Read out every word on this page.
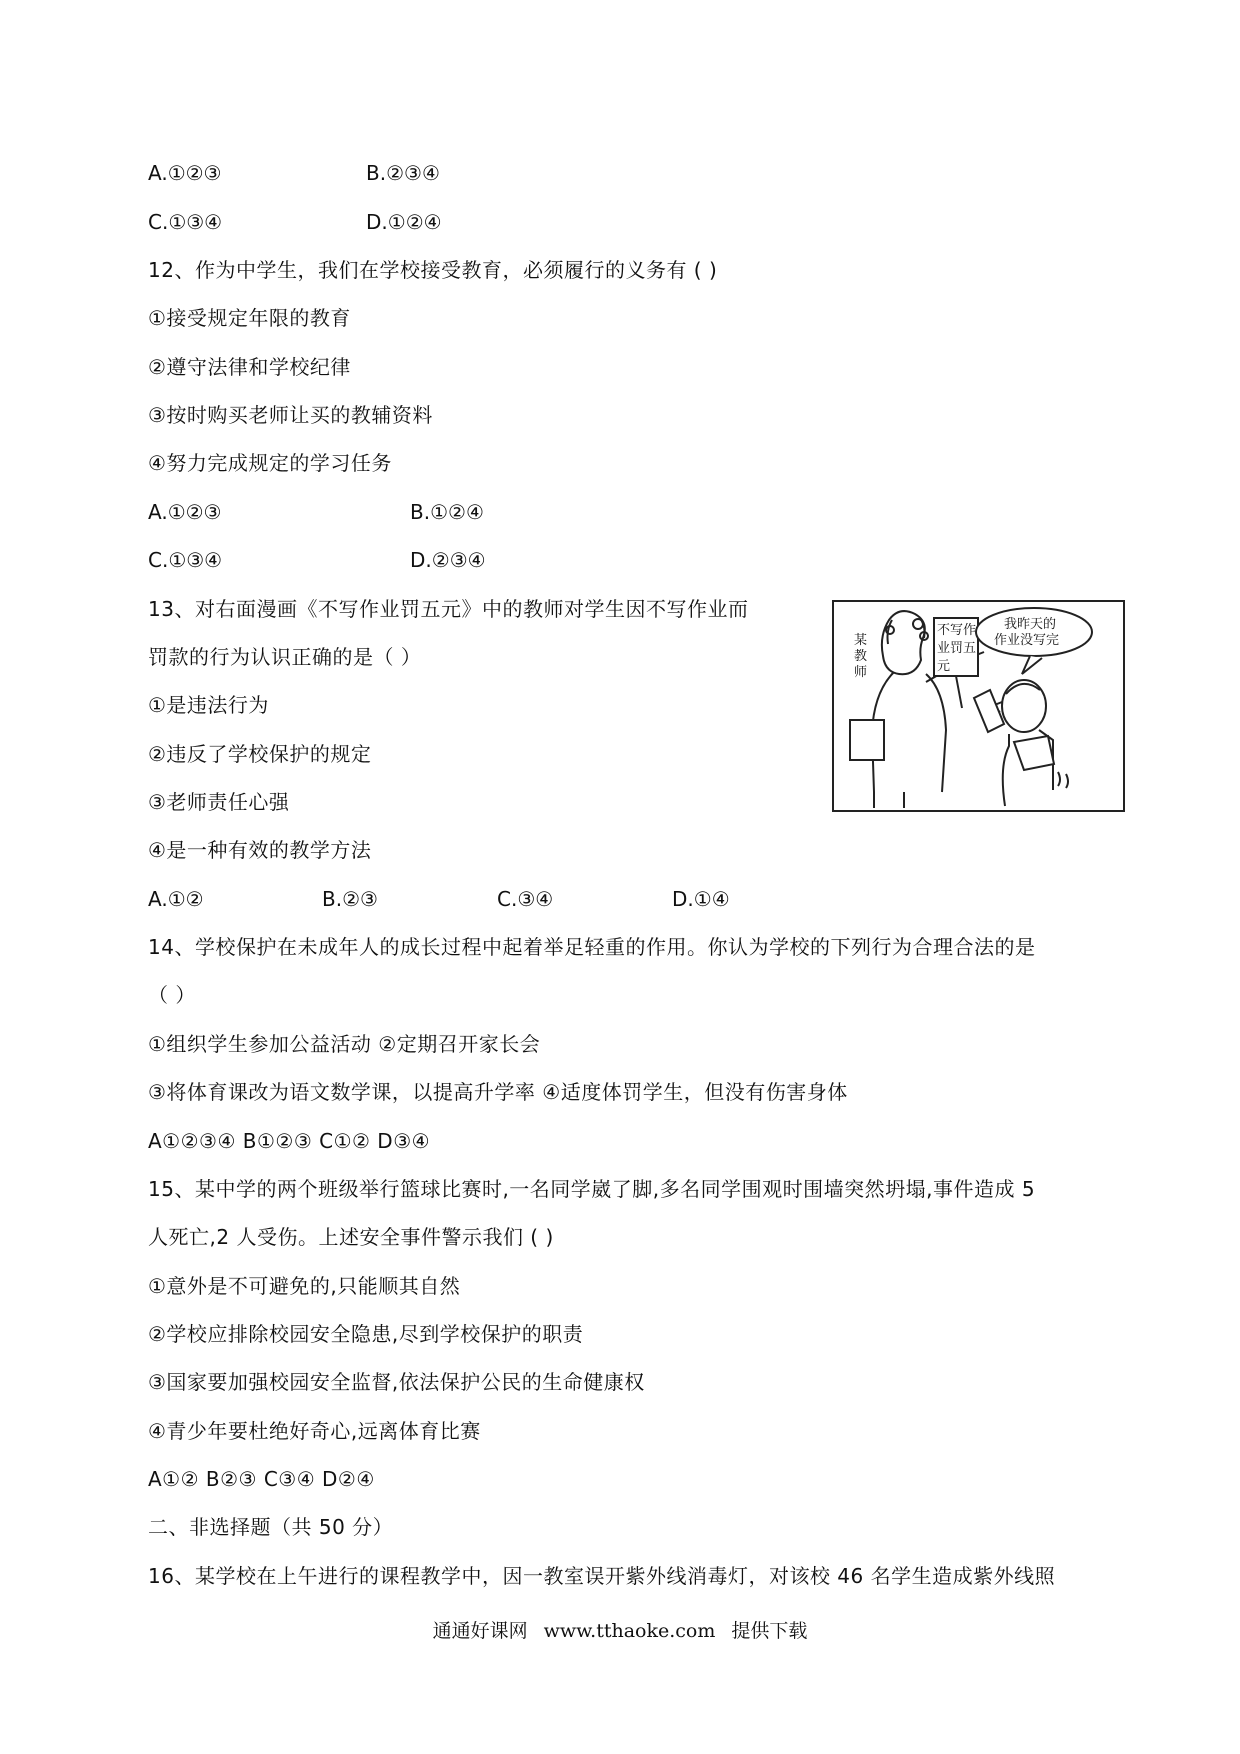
A.①②③	B.②③④
C.①③④	D.①②④
12、作为中学生，我们在学校接受教育，必须履行的义务有 ( )
①接受规定年限的教育
②遵守法律和学校纪律
③按时购买老师让买的教辅资料
④努力完成规定的学习任务
A.①②③	B.①②④
C.①③④	D.②③④
13、对右面漫画《不写作业罚五元》中的教师对学生因不写作业而
罚款的行为认识正确的是（ ）
①是违法行为
②违反了学校保护的规定
③老师责任心强
④是一种有效的教学方法
A.①②	B.②③	C.③④	D.①④
某
教
师
不写作
业罚五
元
我昨天的
作业没写完
14、学校保护在未成年人的成长过程中起着举足轻重的作用。你认为学校的下列行为合理合法的是
（ ）
①组织学生参加公益活动 ②定期召开家长会
③将体育课改为语文数学课，以提高升学率 ④适度体罚学生，但没有伤害身体
A①②③④ B①②③ C①② D③④
15、某中学的两个班级举行篮球比赛时,一名同学崴了脚,多名同学围观时围墙突然坍塌,事件造成 5
人死亡,2 人受伤。上述安全事件警示我们 ( )
①意外是不可避免的,只能顺其自然
②学校应排除校园安全隐患,尽到学校保护的职责
③国家要加强校园安全监督,依法保护公民的生命健康权
④青少年要杜绝好奇心,远离体育比赛
A①② B②③ C③④ D②④
二、非选择题（共 50 分）
16、某学校在上午进行的课程教学中，因一教室误开紫外线消毒灯，对该校 46 名学生造成紫外线照
通通好课网 www.tthaoke.com 提供下载
